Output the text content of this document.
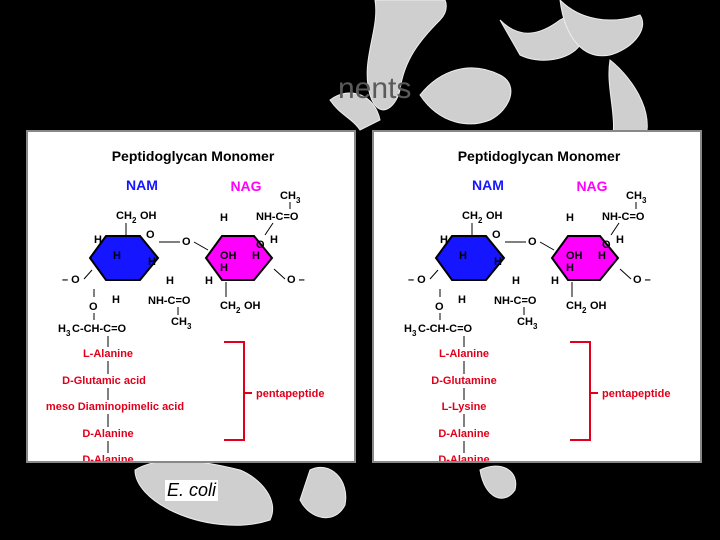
nents
Peptidoglycan Monomer
NAM	NAG
CH 3
CH 2 OH	H	NH-C=O
O
O	O
H
H H
H
H
H
OH H
H
H
– O	O –
O	NH-C=O
CH 3
CH 2 OH
H 3 C-CH-C=O
L-Alanine
D-Glutamic acid
meso Diaminopimelic acid
D-Alanine
D-Alanine
pentapeptide
Peptidoglycan Monomer
NAM	NAG
CH 3
CH 2 OH	H	NH-C=O
O
O	O
H
H H
H
H
H
OH H
H
H
– O	O –
O	NH-C=O
CH 3
CH 2 OH
H 3 C-CH-C=O
L-Alanine
D-Glutamine
L-Lysine
D-Alanine
D-Alanine
pentapeptide
E. coli
